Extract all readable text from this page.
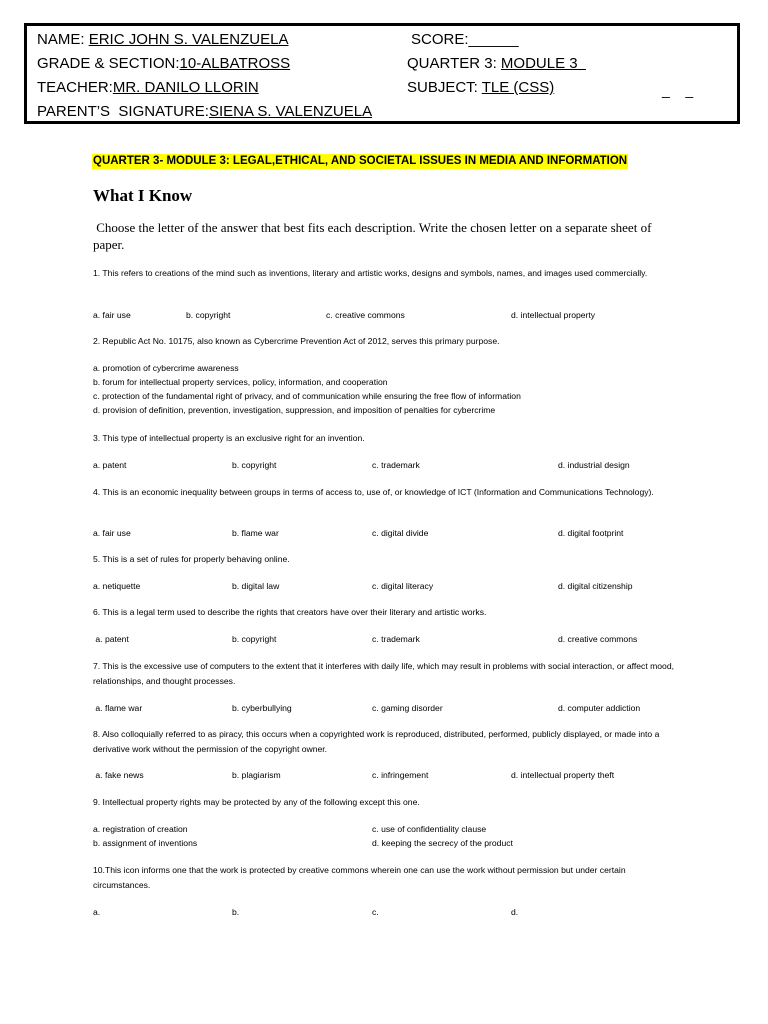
NAME: ERIC JOHN S. VALENZUELA	SCORE:______
GRADE & SECTION:10-ALBATROSS	QUARTER 3: MODULE 3
TEACHER:MR. DANILO LLORIN	SUBJECT: TLE (CSS)	_    _
PARENT’S  SIGNATURE:SIENA S. VALENZUELA
QUARTER 3- MODULE 3: LEGAL,ETHICAL, AND SOCIETAL ISSUES IN MEDIA AND INFORMATION
What I Know
Choose the letter of the answer that best fits each description. Write the chosen letter on a separate sheet of paper.
1. This refers to creations of the mind such as inventions, literary and artistic works, designs and symbols, names, and images used commercially.
a. fair use	b. copyright	c. creative commons	d. intellectual property
2. Republic Act No. 10175, also known as Cybercrime Prevention Act of 2012, serves this primary purpose.
a. promotion of cybercrime awareness
b. forum for intellectual property services, policy, information, and cooperation
c. protection of the fundamental right of privacy, and of communication while ensuring the free flow of information
d. provision of definition, prevention, investigation, suppression, and imposition of penalties for cybercrime
3. This type of intellectual property is an exclusive right for an invention.
a. patent	b. copyright	c. trademark	d. industrial design
4. This is an economic inequality between groups in terms of access to, use of, or knowledge of ICT (Information and Communications Technology).
a. fair use	b. flame war	c. digital divide	d. digital footprint
5. This is a set of rules for properly behaving online.
a. netiquette	b. digital law	c. digital literacy	d. digital citizenship
6. This is a legal term used to describe the rights that creators have over their literary and artistic works.
a. patent	b. copyright	c. trademark	d. creative commons
7. This is the excessive use of computers to the extent that it interferes with daily life, which may result in problems with social interaction, or affect mood, relationships, and thought processes.
a. flame war	b. cyberbullying	c. gaming disorder	d. computer addiction
8. Also colloquially referred to as piracy, this occurs when a copyrighted work is reproduced, distributed, performed, publicly displayed, or made into a derivative work without the permission of the copyright owner.
a. fake news	b. plagiarism	c. infringement	d. intellectual property theft
9. Intellectual property rights may be protected by any of the following except this one.
a. registration of creation	c. use of confidentiality clause
b. assignment of inventions	d. keeping the secrecy of the product
10.This icon informs one that the work is protected by creative commons wherein one can use the work without permission but under certain circumstances.
a.	b.	c.	d.
